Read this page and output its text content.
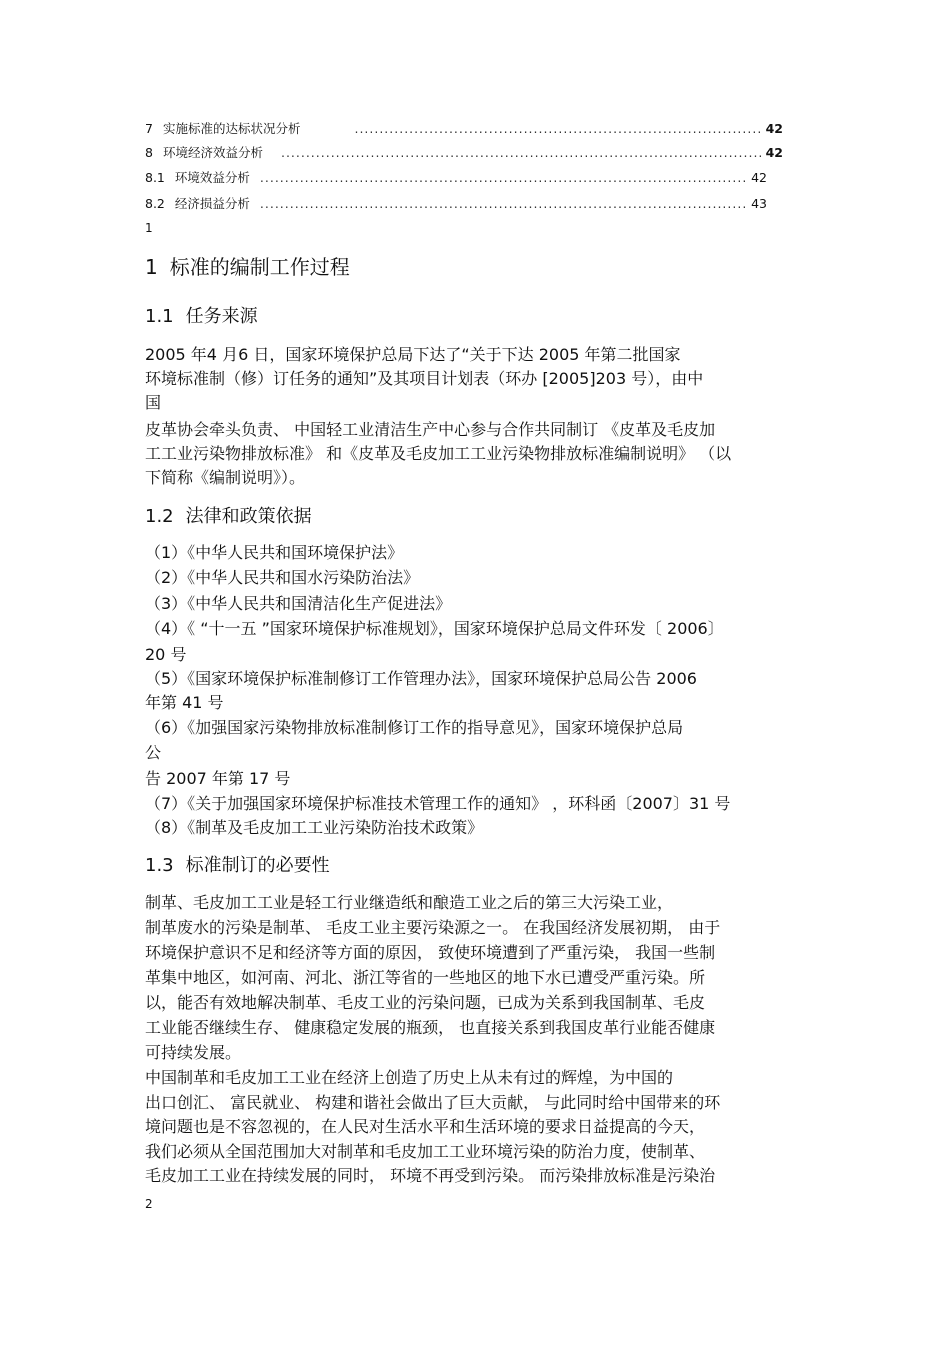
7 实施标准的达标状况分析 .....	42
8 环境经济效益分析 .....	42
8.1 环境效益分析 .....	42
8.2 经济损益分析 .....	43
1
1 标准的编制工作过程
1.1 任务来源
2005 年4 月6 日，国家环境保护总局下达了“关于下达 2005 年第二批国家
环境标准制（修）订任务的通知”及其项目计划表（环办 [2005]203 号），由中
国
皮革协会牵头负责、 中国轻工业清洁生产中心参与合作共同制订 《皮革及毛皮加
工工业污染物排放标准》 和《皮革及毛皮加工工业污染物排放标准编制说明》 （以
下简称《编制说明》）。
1.2 法律和政策依据
（1）《中华人民共和国环境保护法》
（2）《中华人民共和国水污染防治法》
（3）《中华人民共和国清洁化生产促进法》
（4）《 “十一五 ”国家环境保护标准规划》，国家环境保护总局文件环发〔 2006〕
20 号
（5）《国家环境保护标准制修订工作管理办法》，国家环境保护总局公告 2006
年第 41 号
（6）《加强国家污染物排放标准制修订工作的指导意见》，国家环境保护总局
公
告 2007 年第 17 号
（7）《关于加强国家环境保护标准技术管理工作的通知》 ，环科函〔2007〕31 号
（8）《制革及毛皮加工工业污染防治技术政策》
1.3 标准制订的必要性
制革、毛皮加工工业是轻工行业继造纸和酿造工业之后的第三大污染工业，
制革废水的污染是制革、 毛皮工业主要污染源之一。 在我国经济发展初期， 由于
环境保护意识不足和经济等方面的原因， 致使环境遭到了严重污染， 我国一些制
革集中地区，如河南、河北、浙江等省的一些地区的地下水已遭受严重污染。所
以，能否有效地解决制革、毛皮工业的污染问题，已成为关系到我国制革、毛皮
工业能否继续生存、 健康稳定发展的瓶颈， 也直接关系到我国皮革行业能否健康
可持续发展。
中国制革和毛皮加工工业在经济上创造了历史上从未有过的辉煌，为中国的
出口创汇、 富民就业、 构建和谐社会做出了巨大贡献， 与此同时给中国带来的环
境问题也是不容忽视的，在人民对生活水平和生活环境的要求日益提高的今天，
我们必须从全国范围加大对制革和毛皮加工工业环境污染的防治力度，使制革、
毛皮加工工业在持续发展的同时， 环境不再受到污染。 而污染排放标准是污染治
2
